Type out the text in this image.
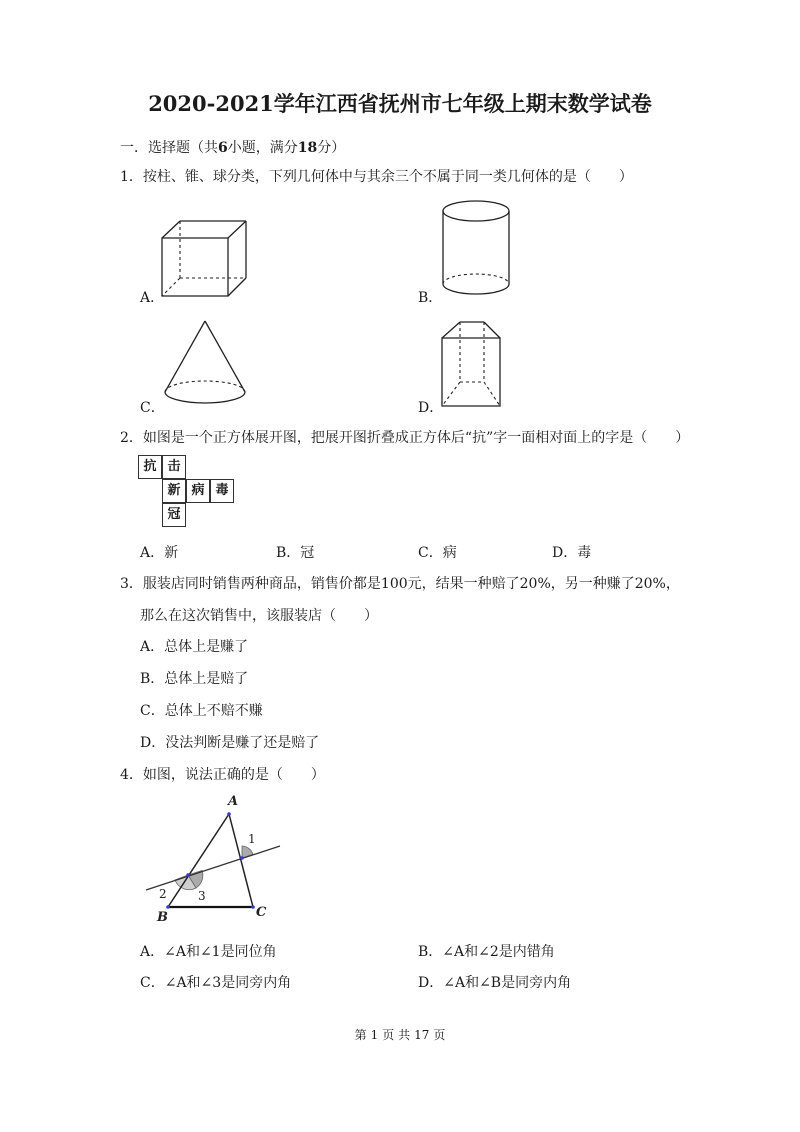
2020-2021学年江西省抚州市七年级上期末数学试卷
一．选择题（共6小题，满分18分）
1．按柱、锥、球分类，下列几何体中与其余三个不属于同一类几何体的是（　　）
A．	B．
C．	D．
2．如图是一个正方体展开图，把展开图折叠成正方体后“抗”字一面相对面上的字是（　　）
抗 击
新 病 毒
冠
A．新	B．冠	C．病	D．毒
3．服装店同时销售两种商品，销售价都是100元，结果一种赔了20%，另一种赚了20%，
那么在这次销售中，该服装店（　　）
A．总体上是赚了
B．总体上是赔了
C．总体上不赔不赚
D．没法判断是赚了还是赔了
4．如图，说法正确的是（　　）
A
B	C
1
2	3
A．∠A和∠1是同位角	B．∠A和∠2是内错角
C．∠A和∠3是同旁内角	D．∠A和∠B是同旁内角
第 1 页 共 17 页
